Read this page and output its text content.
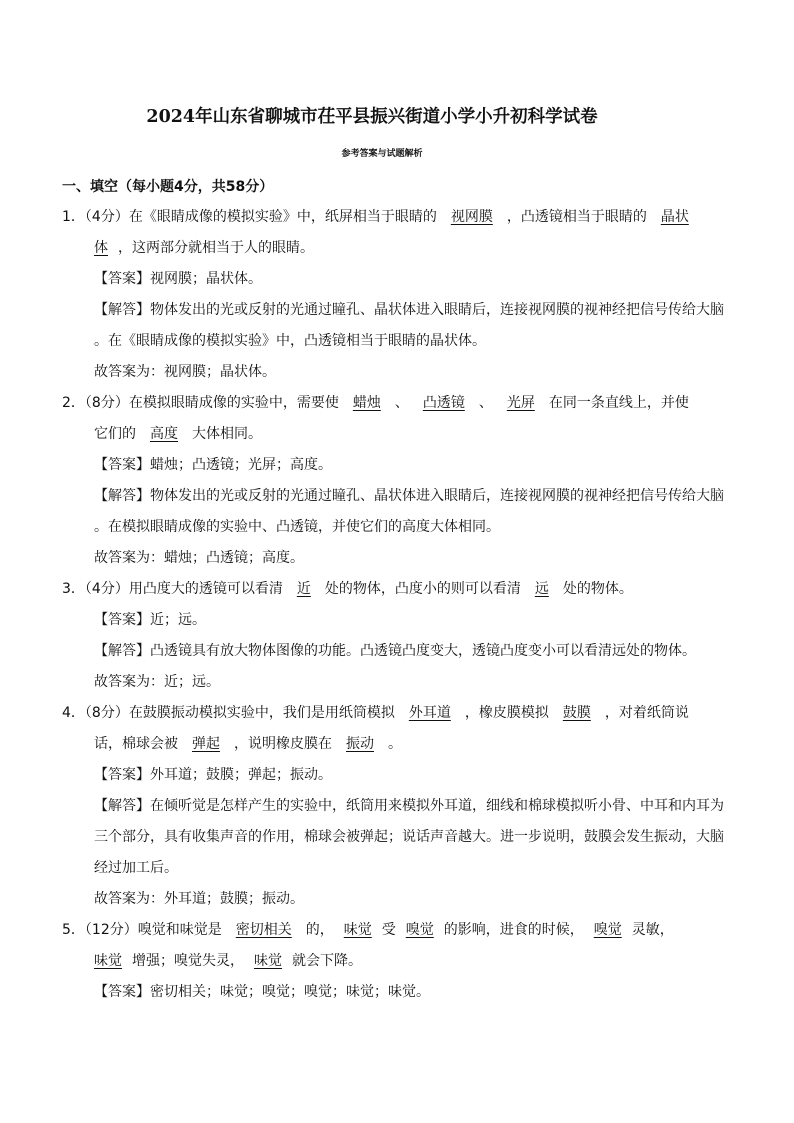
2024年山东省聊城市茌平县振兴街道小学小升初科学试卷
参考答案与试题解析
一、填空（每小题4分，共58分）
1．（4分）在《眼睛成像的模拟实验》中，纸屏相当于眼睛的 视网膜 ，凸透镜相当于眼睛的 晶状
体 ，这两部分就相当于人的眼睛。
【答案】视网膜；晶状体。
【解答】物体发出的光或反射的光通过瞳孔、晶状体进入眼睛后，连接视网膜的视神经把信号传给大脑
。在《眼睛成像的模拟实验》中，凸透镜相当于眼睛的晶状体。
故答案为：视网膜；晶状体。
2．（8分）在模拟眼睛成像的实验中，需要使 蜡烛 、 凸透镜 、 光屏 在同一条直线上，并使
它们的 高度 大体相同。
【答案】蜡烛；凸透镜；光屏；高度。
【解答】物体发出的光或反射的光通过瞳孔、晶状体进入眼睛后，连接视网膜的视神经把信号传给大脑
。在模拟眼睛成像的实验中、凸透镜，并使它们的高度大体相同。
故答案为：蜡烛；凸透镜；高度。
3．（4分）用凸度大的透镜可以看清 近 处的物体，凸度小的则可以看清 远 处的物体。
【答案】近；远。
【解答】凸透镜具有放大物体图像的功能。凸透镜凸度变大，透镜凸度变小可以看清远处的物体。
故答案为：近；远。
4．（8分）在鼓膜振动模拟实验中，我们是用纸筒模拟 外耳道 ，橡皮膜模拟 鼓膜 ，对着纸筒说
话，棉球会被 弹起 ，说明橡皮膜在 振动 。
【答案】外耳道；鼓膜；弹起；振动。
【解答】在倾听觉是怎样产生的实验中，纸筒用来模拟外耳道，细线和棉球模拟听小骨、中耳和内耳为
三个部分，具有收集声音的作用，棉球会被弹起；说话声音越大。进一步说明，鼓膜会发生振动，大脑
经过加工后。
故答案为：外耳道；鼓膜；振动。
5．（12分）嗅觉和味觉是 密切相关 的， 味觉 受 嗅觉 的影响，进食的时候， 嗅觉 灵敏，
味觉 增强；嗅觉失灵， 味觉 就会下降。
【答案】密切相关；味觉；嗅觉；嗅觉；味觉；味觉。
